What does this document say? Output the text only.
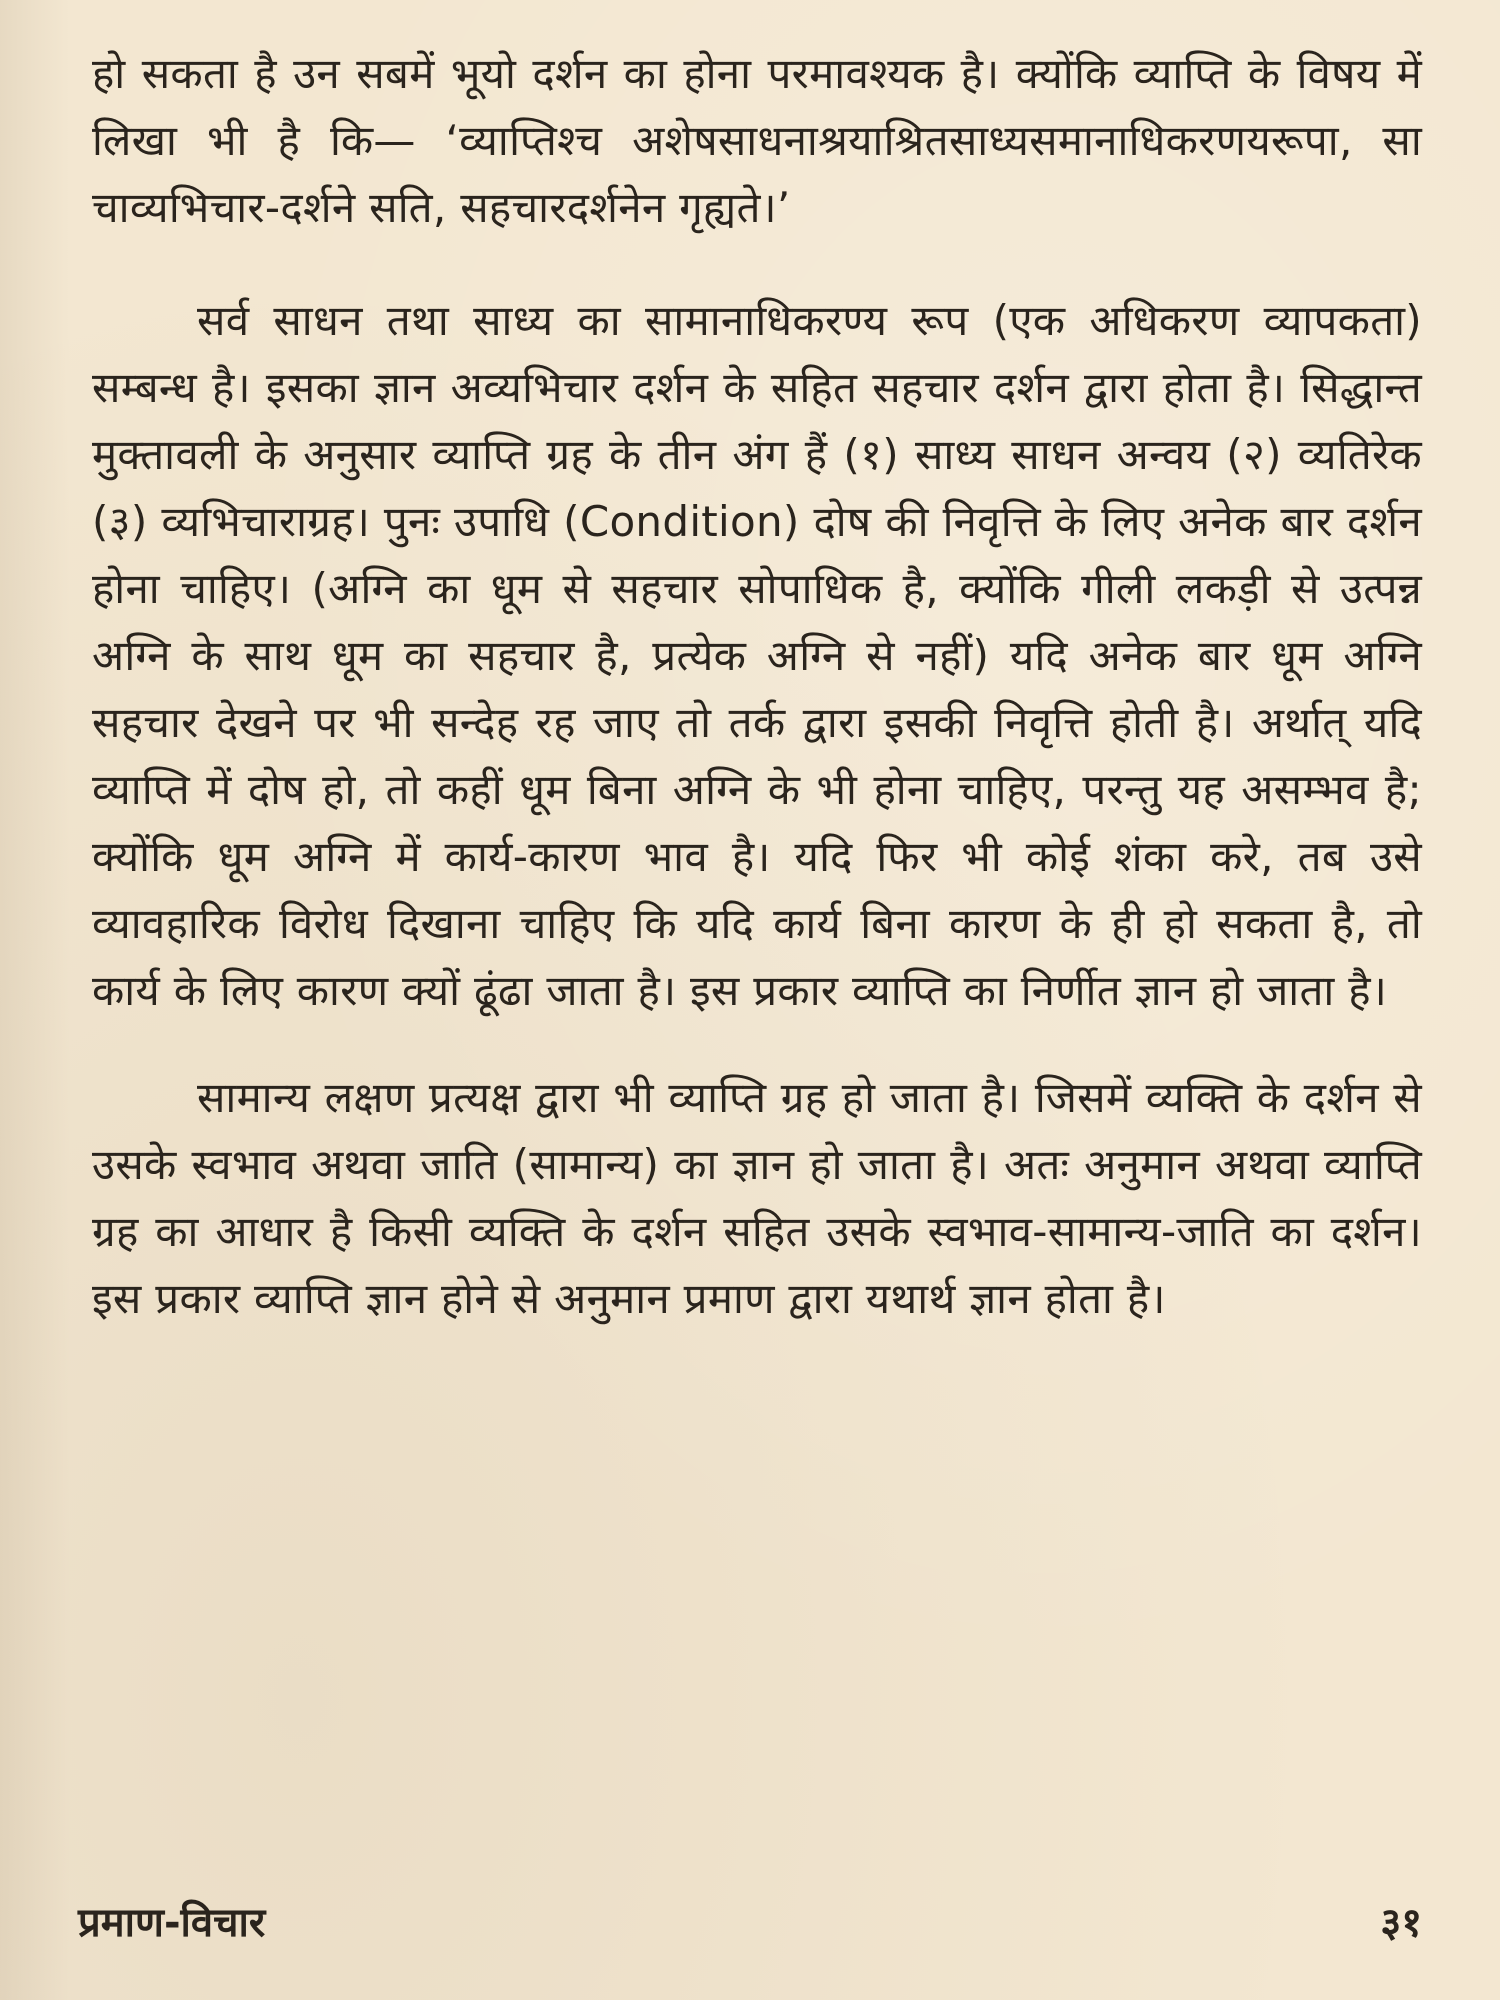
हो सकता है उन सबमें भूयो दर्शन का होना परमावश्यक है। क्योंकि व्याप्ति के विषय में लिखा भी है कि— ‘व्याप्तिश्च अशेषसाधनाश्रयाश्रितसाध्यसमानाधिकरणयरूपा, सा चाव्यभिचार-दर्शने सति, सहचारदर्शनेन गृह्यते।’

सर्व साधन तथा साध्य का सामानाधिकरण्य रूप (एक अधिकरण व्यापकता) सम्बन्ध है। इसका ज्ञान अव्यभिचार दर्शन के सहित सहचार दर्शन द्वारा होता है। सिद्धान्त मुक्तावली के अनुसार व्याप्ति ग्रह के तीन अंग हैं (१) साध्य साधन अन्वय (२) व्यतिरेक (३) व्यभिचाराग्रह। पुनः उपाधि (Condition) दोष की निवृत्ति के लिए अनेक बार दर्शन होना चाहिए। (अग्नि का धूम से सहचार सोपाधिक है, क्योंकि गीली लकड़ी से उत्पन्न अग्नि के साथ धूम का सहचार है, प्रत्येक अग्नि से नहीं) यदि अनेक बार धूम अग्नि सहचार देखने पर भी सन्देह रह जाए तो तर्क द्वारा इसकी निवृत्ति होती है। अर्थात् यदि व्याप्ति में दोष हो, तो कहीं धूम बिना अग्नि के भी होना चाहिए, परन्तु यह असम्भव है; क्योंकि धूम अग्नि में कार्य-कारण भाव है। यदि फिर भी कोई शंका करे, तब उसे व्यावहारिक विरोध दिखाना चाहिए कि यदि कार्य बिना कारण के ही हो सकता है, तो कार्य के लिए कारण क्यों ढूंढा जाता है। इस प्रकार व्याप्ति का निर्णीत ज्ञान हो जाता है।

सामान्य लक्षण प्रत्यक्ष द्वारा भी व्याप्ति ग्रह हो जाता है। जिसमें व्यक्ति के दर्शन से उसके स्वभाव अथवा जाति (सामान्य) का ज्ञान हो जाता है। अतः अनुमान अथवा व्याप्ति ग्रह का आधार है किसी व्यक्ति के दर्शन सहित उसके स्वभाव-सामान्य-जाति का दर्शन। इस प्रकार व्याप्ति ज्ञान होने से अनुमान प्रमाण द्वारा यथार्थ ज्ञान होता है।

प्रमाण-विचार	३१
